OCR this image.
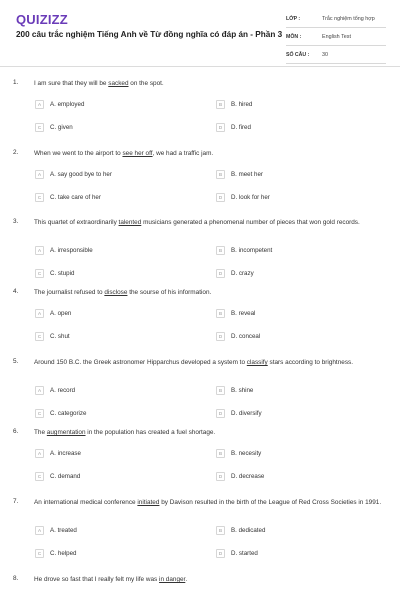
QUIZIZZ
200 câu trắc nghiệm Tiếng Anh về Từ đồng nghĩa có đáp án - Phần 3
LỚP :	Trắc nghiệm tổng hợp
MÔN :	English Test
SỐ CÂU :	30
1. I am sure that they will be sacked on the spot.
A	A. employed	B	B. hired
C	C. given	D	D. fired
2. When we went to the airport to see her off, we had a traffic jam.
A	A. say good bye to her	B	B. meet her
C	C. take care of her	D	D. look for her
3. This quartet of extraordinarily talented musicians generated a phenomenal number of pieces that won gold records.
A	A. irresponsible	B	B. incompetent
C	C. stupid	D	D. crazy
4. The journalist refused to disclose the sourse of his information.
A	A. open	B	B. reveal
C	C. shut	D	D. conceal
5. Around 150 B.C. the Greek astronomer Hipparchus developed a system to classify stars according to brightness.
A	A. record	B	B. shine
C	C. categorize	D	D. diversify
6. The augmentation in the population has created a fuel shortage.
A	A. increase	B	B. necesity
C	C. demand	D	D. decrease
7. An international medical conference initiated by Davison resulted in the birth of the League of Red Cross Societies in 1991.
A	A. treated	B	B. dedicated
C	C. helped	D	D. started
8. He drove so fast that I really felt my life was in danger.
